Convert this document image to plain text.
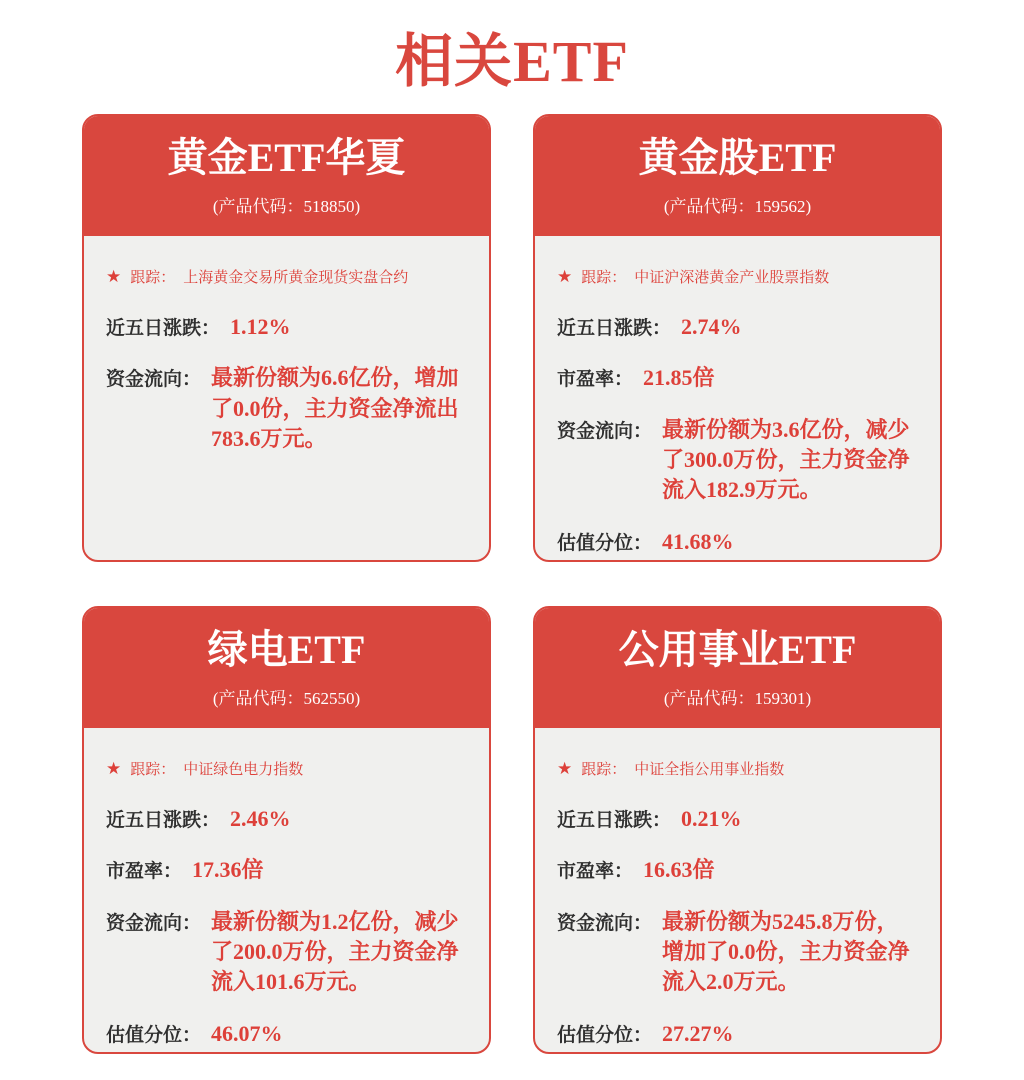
相关ETF
黄金ETF华夏
(产品代码：518850)
★ 跟踪： 上海黄金交易所黄金现货实盘合约
近五日涨跌： 1.12%
资金流向： 最新份额为6.6亿份，增加了0.0份，主力资金净流出783.6万元。
黄金股ETF
(产品代码：159562)
★ 跟踪： 中证沪深港黄金产业股票指数
近五日涨跌： 2.74%
市盈率： 21.85倍
资金流向： 最新份额为3.6亿份，减少了300.0万份，主力资金净流入182.9万元。
估值分位： 41.68%
绿电ETF
(产品代码：562550)
★ 跟踪： 中证绿色电力指数
近五日涨跌： 2.46%
市盈率： 17.36倍
资金流向： 最新份额为1.2亿份，减少了200.0万份，主力资金净流入101.6万元。
估值分位： 46.07%
公用事业ETF
(产品代码：159301)
★ 跟踪： 中证全指公用事业指数
近五日涨跌： 0.21%
市盈率： 16.63倍
资金流向： 最新份额为5245.8万份，增加了0.0份，主力资金净流入2.0万元。
估值分位： 27.27%
